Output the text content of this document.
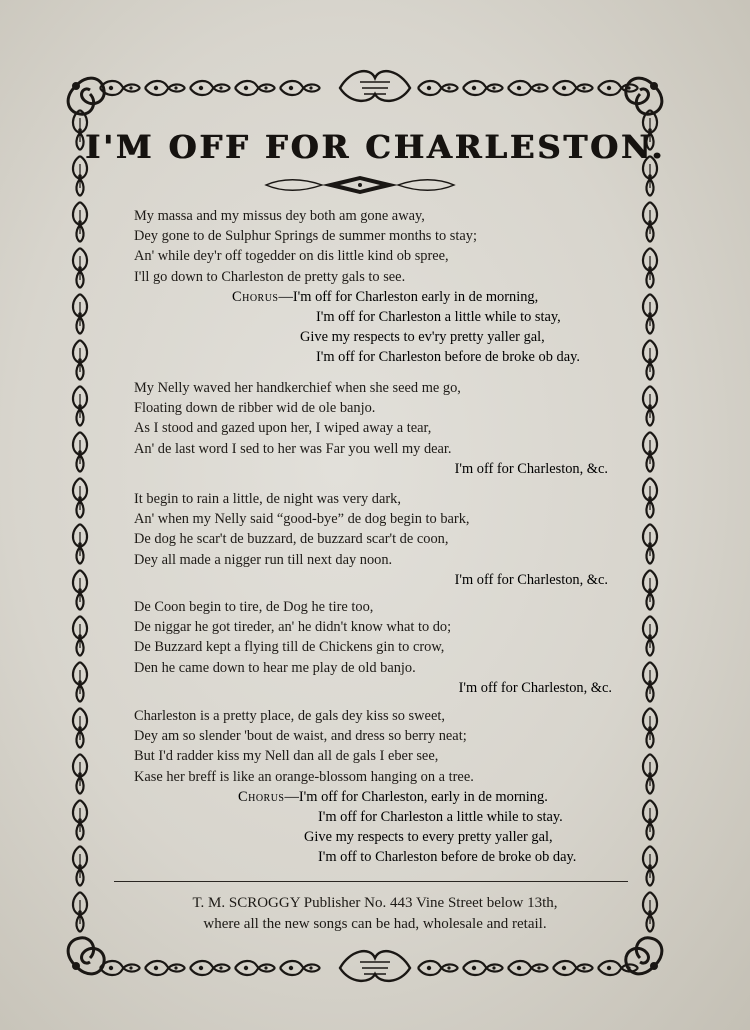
I'M OFF FOR CHARLESTON.
My massa and my missus dey both am gone away,
Dey gone to de Sulphur Springs de summer months to stay;
An' while dey'r off togedder on dis little kind ob spree,
I'll go down to Charleston de pretty gals to see.
Chorus—I'm off for Charleston early in de morning,
I'm off for Charleston a little while to stay,
Give my respects to ev'ry pretty yaller gal,
I'm off for Charleston before de broke ob day.
My Nelly waved her handkerchief when she seed me go,
Floating down de ribber wid de ole banjo.
As I stood and gazed upon her, I wiped away a tear,
An' de last word I sed to her was Far you well my dear.
I'm off for Charleston, &c.
It begin to rain a little, de night was very dark,
An' when my Nelly said “good-bye” de dog begin to bark,
De dog he scar't de buzzard, de buzzard scar't de coon,
Dey all made a nigger run till next day noon.
I'm off for Charleston, &c.
De Coon begin to tire, de Dog he tire too,
De niggar he got tireder, an' he didn't know what to do;
De Buzzard kept a flying till de Chickens gin to crow,
Den he came down to hear me play de old banjo.
I'm off for Charleston, &c.
Charleston is a pretty place, de gals dey kiss so sweet,
Dey am so slender 'bout de waist, and dress so berry neat;
But I'd radder kiss my Nell dan all de gals I eber see,
Kase her breff is like an orange-blossom hanging on a tree.
Chorus—I'm off for Charleston, early in de morning.
I'm off for Charleston a little while to stay.
Give my respects to every pretty yaller gal,
I'm off to Charleston before de broke ob day.
T. M. SCROGGY Publisher No. 443 Vine Street below 13th,
where all the new songs can be had, wholesale and retail.
